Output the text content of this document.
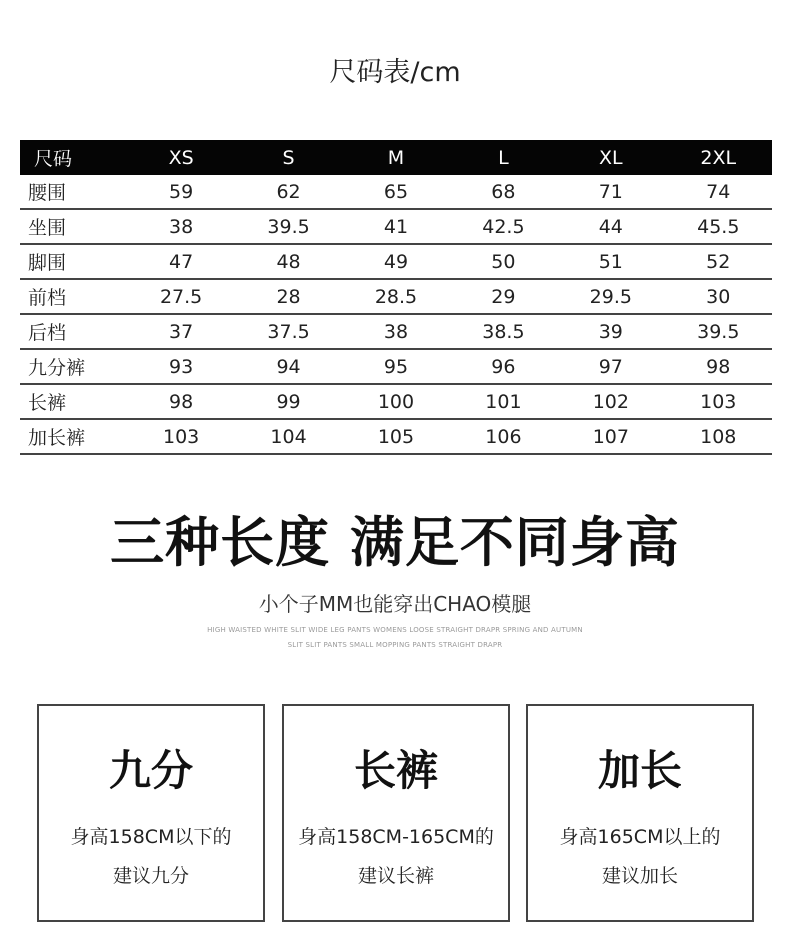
尺码表/cm
尺码	XS	S	M	L	XL	2XL
腰围	59	62	65	68	71	74
坐围	38	39.5	41	42.5	44	45.5
脚围	47	48	49	50	51	52
前档	27.5	28	28.5	29	29.5	30
后档	37	37.5	38	38.5	39	39.5
九分裤	93	94	95	96	97	98
长裤	98	99	100	101	102	103
加长裤	103	104	105	106	107	108
三种长度 满足不同身高
小个子MM也能穿出CHAO模腿
HIGH WAISTED WHITE SLIT WIDE LEG PANTS WOMENS LOOSE STRAIGHT DRAPR SPRING AND AUTUMN
SLIT SLIT PANTS SMALL MOPPING PANTS STRAIGHT DRAPR
九分
身高158CM以下的
建议九分
长裤
身高158CM-165CM的
建议长裤
加长
身高165CM以上的
建议加长
